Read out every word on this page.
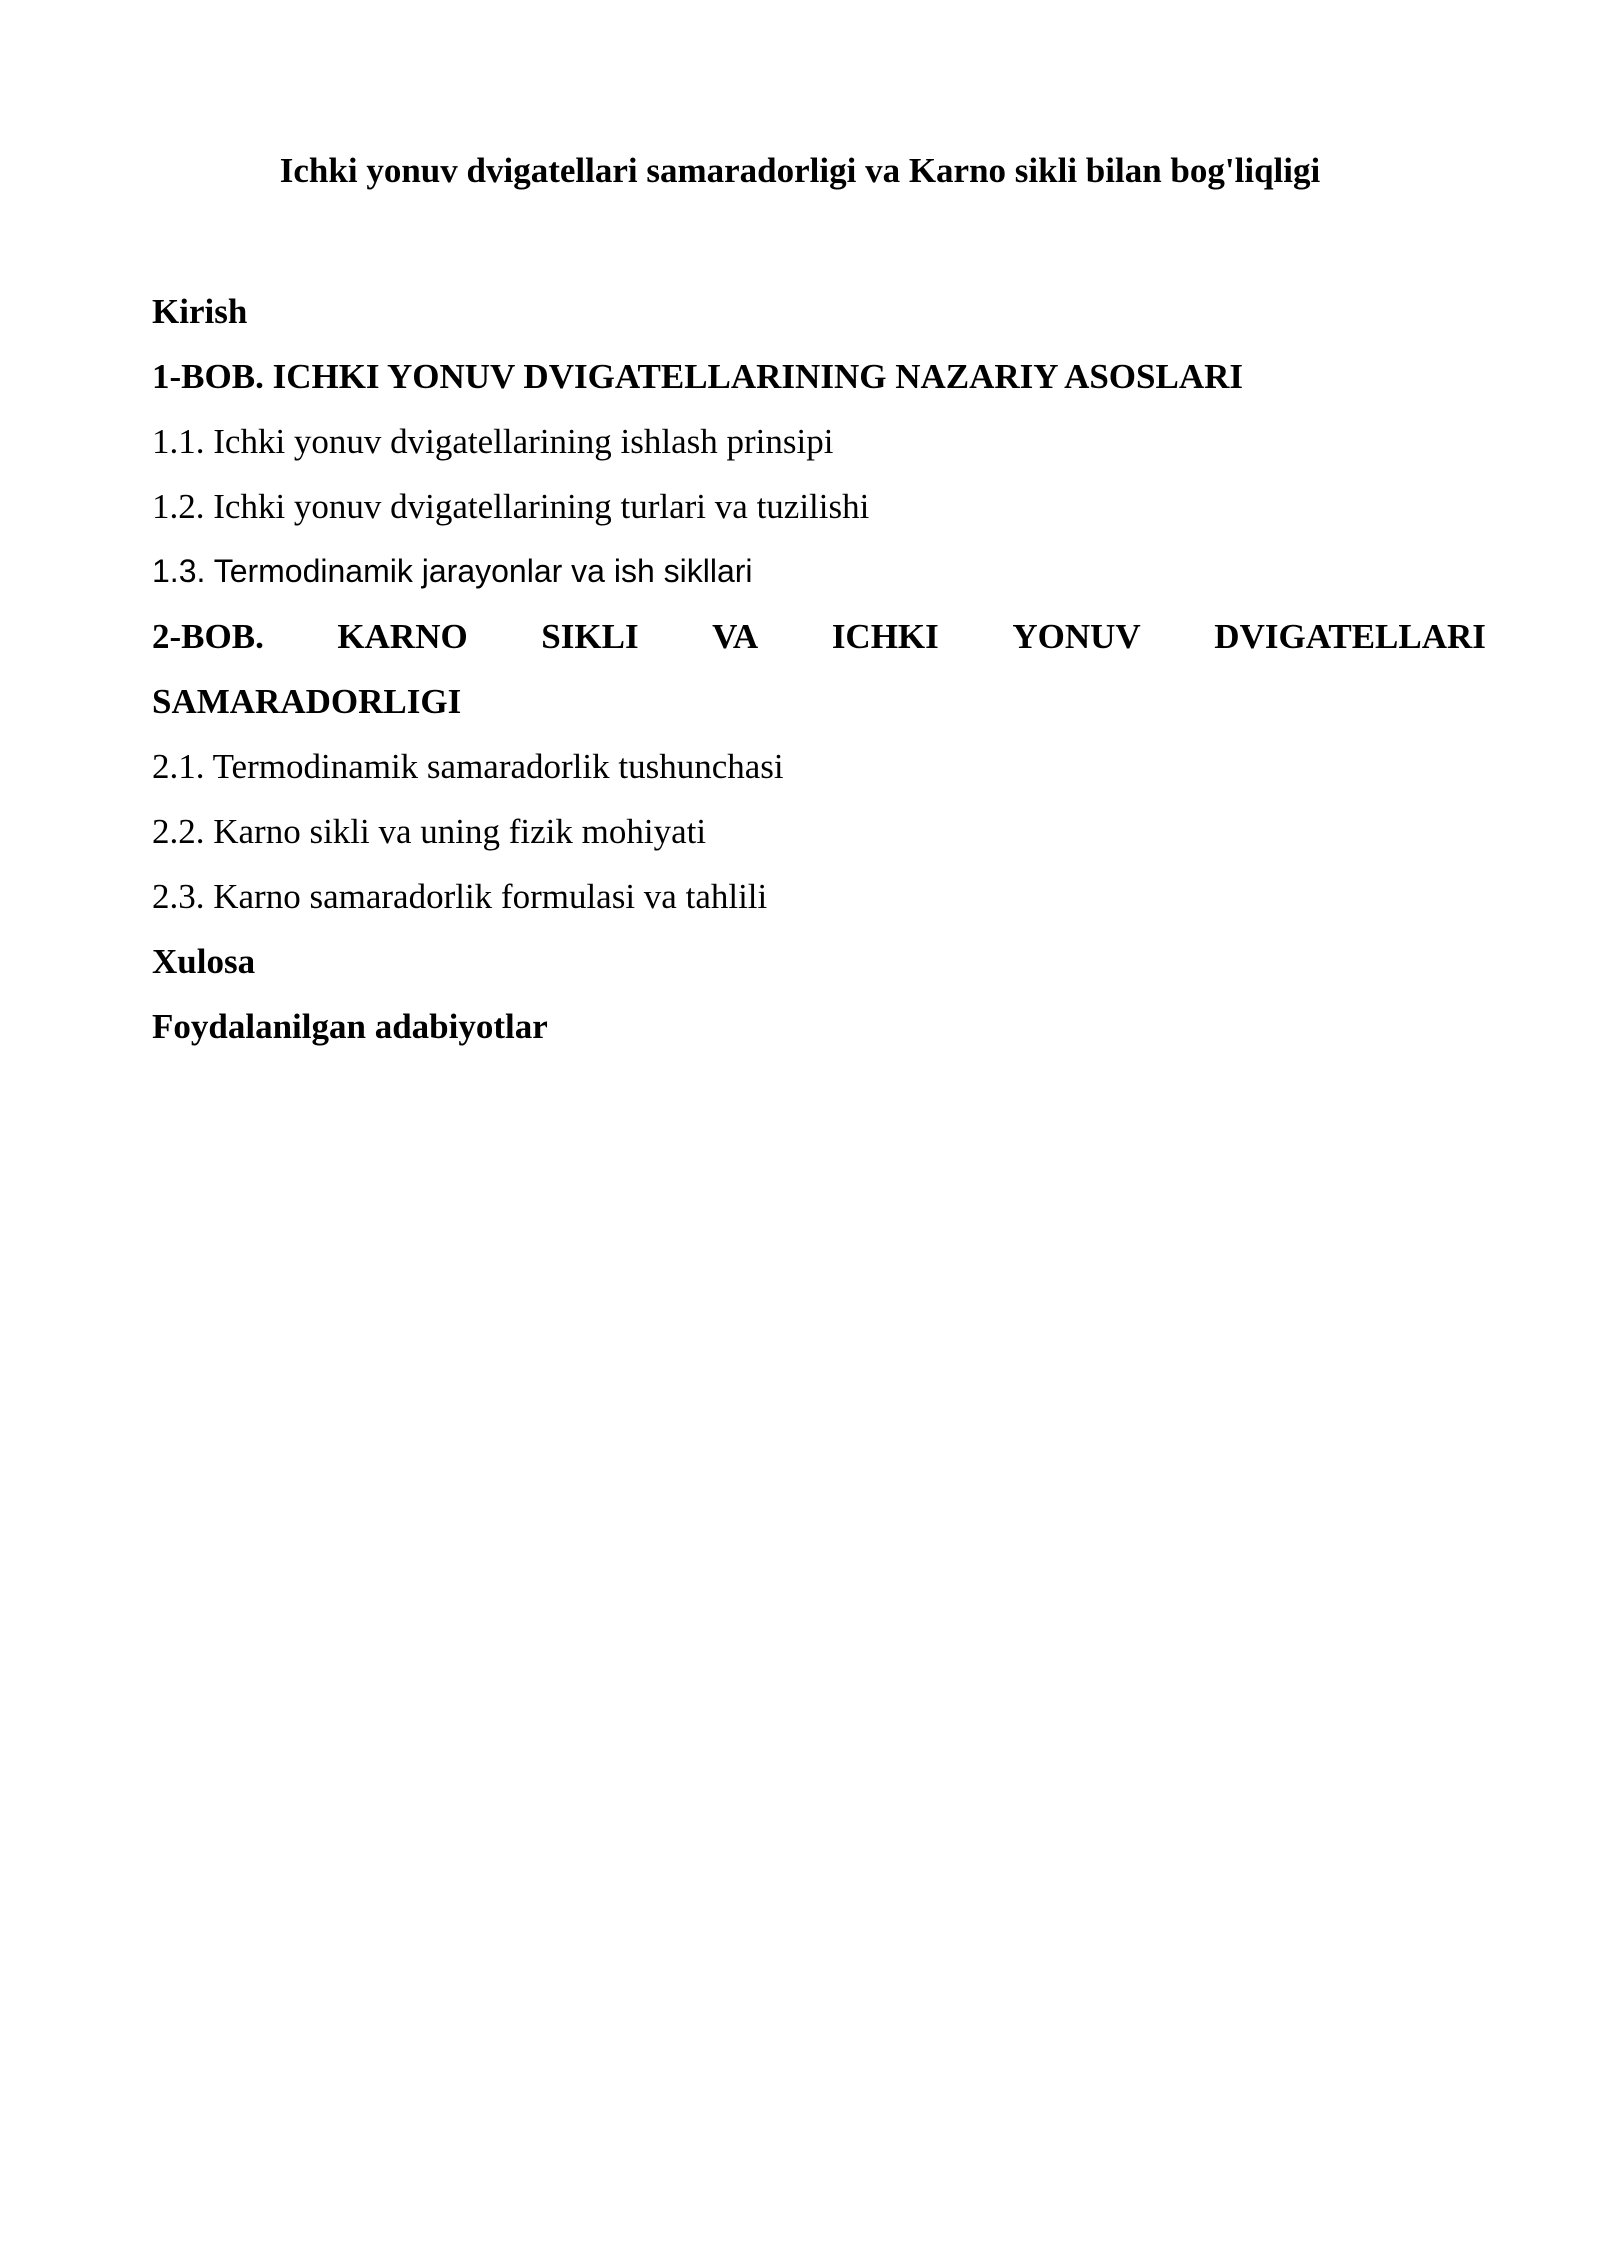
Ichki yonuv dvigatellari samaradorligi va Karno sikli bilan bog'liqligi
Kirish
1-BOB. ICHKI YONUV DVIGATELLARINING NAZARIY ASOSLARI
1.1. Ichki yonuv dvigatellarining ishlash prinsipi
1.2. Ichki yonuv dvigatellarining turlari va tuzilishi
1.3. Termodinamik jarayonlar va ish sikllari
2-BOB. KARNO SIKLI VA ICHKI YONUV DVIGATELLARI
SAMARADORLIGI
2.1. Termodinamik samaradorlik tushunchasi
2.2. Karno sikli va uning fizik mohiyati
2.3. Karno samaradorlik formulasi va tahlili
Xulosa
Foydalanilgan adabiyotlar
